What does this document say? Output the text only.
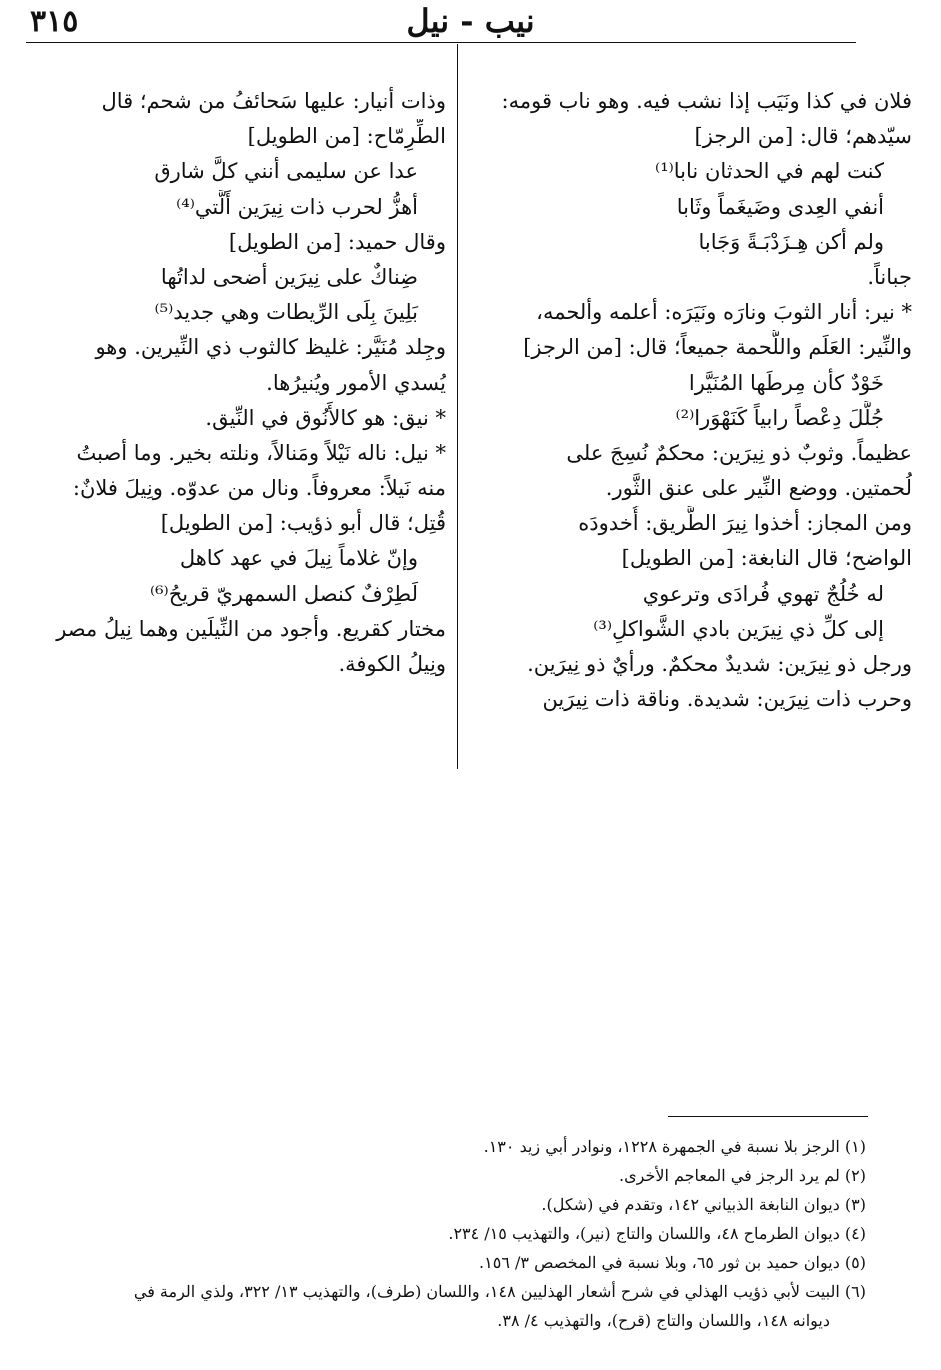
٣١٥	نيب - نيل
فلان في كذا ونَيَب إذا نشب فيه. وهو ناب قومه:
سيّدهم؛ قال: [من الرجز]
كنت لهم في الحدثان نابا⁽¹⁾
أنفي العِدى وضَيغَماً وثَابا
ولم أكن هِـزَدْبَـةً وَجَابا
جباناً.
* نير: أنار الثوبَ ونارَه ونَيَرَه: أعلمه وألحمه،
والنِّير: العَلَم واللُّحمة جميعاً؛ قال: [من الرجز]
خَوْدٌ كأن مِرطَها المُنَيَّرا
جُلَّلَ دِعْصاً رابياً كَنَهْوَرا⁽²⁾
عظيماً. وثوبٌ ذو نِيرَين: محكمٌ نُسِجَ على
لُحمتين. ووضع النِّير على عنق الثَّور.
ومن المجاز: أخذوا نِيرَ الطَّريق: أُخدودَه
الواضح؛ قال النابغة: [من الطويل]
له خُلُجٌ تهوي فُرادَى وترعوي
إلى كلِّ ذي نِيرَين بادي الشَّواكلِ⁽³⁾
ورجل ذو نِيرَين: شديدٌ محكمٌ. ورأيٌ ذو نِيرَين.
وحرب ذات نِيرَين: شديدة. وناقة ذات نِيرَين
وذات أنيار: عليها سَحائفُ من شحم؛ قال
الطِّرِمّاح: [من الطويل]
عدا عن سليمى أنني كلَّ شارق
أهزُّ لحرب ذات نِيرَين أَلَّتي⁽⁴⁾
وقال حميد: [من الطويل]
ضِناكٌ على نِيرَين أضحى لداتُها
بَلِينَ بِلَى الرِّيطات وهي جديد⁽⁵⁾
وجِلد مُنَيَّر: غليظ كالثوب ذي النِّيرين. وهو
يُسدي الأمور ويُنيرُها.
* نيق: هو كالأَنُوق في النِّيق.
* نيل: ناله نَيْلاً ومَنالاً، ونلته بخير. وما أصبتُ
منه نَيلاً: معروفاً. ونال من عدوّه. ونِيلَ فلانٌ:
قُتِل؛ قال أبو ذؤيب: [من الطويل]
وإنّ غلاماً نِيلَ في عهد كاهل
لَطِرْفٌ كنصل السمهريّ قريحُ⁽⁶⁾
مختار كقريع. وأجود من النِّيلَين وهما نِيلُ مصر
ونِيلُ الكوفة.
(١) الرجز بلا نسبة في الجمهرة ١٢٢٨، ونوادر أبي زيد ١٣٠.
(٢) لم يرد الرجز في المعاجم الأخرى.
(٣) ديوان النابغة الذبياني ١٤٢، وتقدم في (شكل).
(٤) ديوان الطرماح ٤٨، واللسان والتاج (نير)، والتهذيب ١٥/ ٢٣٤.
(٥) ديوان حميد بن ثور ٦٥، وبلا نسبة في المخصص ٣/ ١٥٦.
(٦) البيت لأبي ذؤيب الهذلي في شرح أشعار الهذليين ١٤٨، واللسان (طرف)، والتهذيب ١٣/ ٣٢٢، ولذي الرمة في
ديوانه ١٤٨، واللسان والتاج (قرح)، والتهذيب ٤/ ٣٨.
